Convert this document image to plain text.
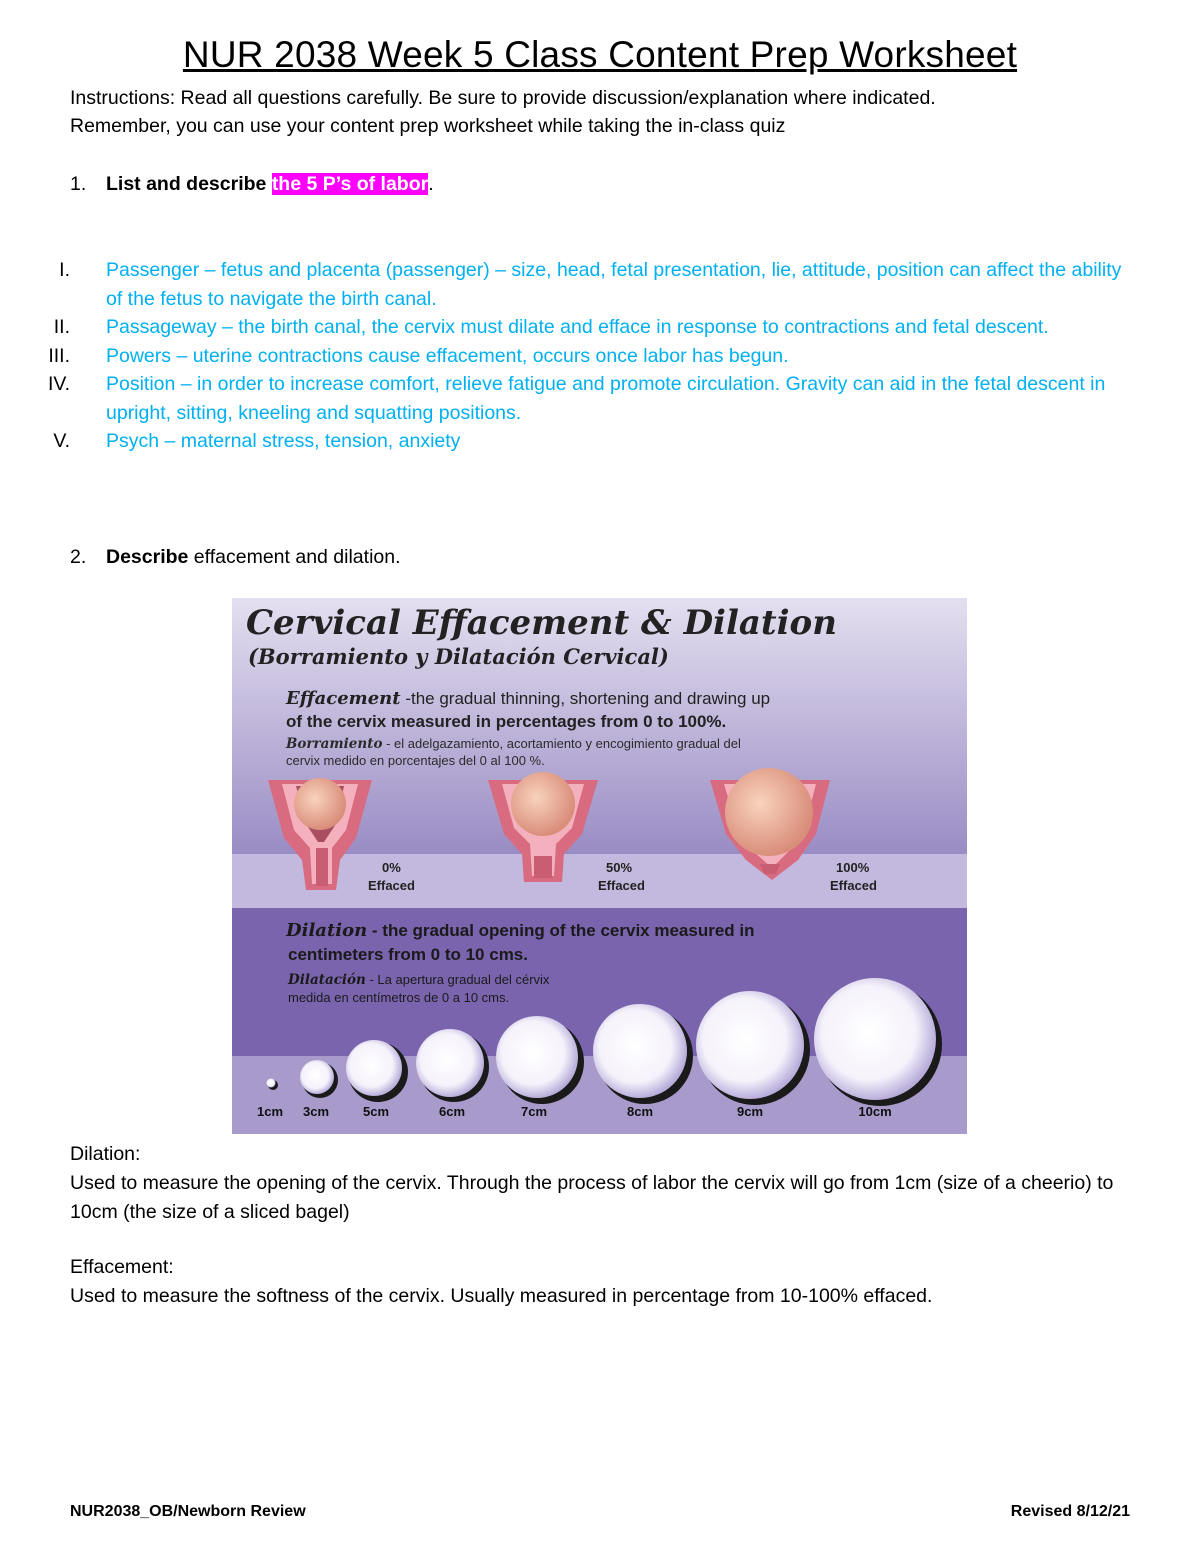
NUR 2038 Week 5 Class Content Prep Worksheet
Instructions: Read all questions carefully. Be sure to provide discussion/explanation where indicated.
Remember, you can use your content prep worksheet while taking the in-class quiz
1. List and describe the 5 P’s of labor.
I. Passenger – fetus and placenta (passenger) – size, head, fetal presentation, lie, attitude, position can affect the ability of the fetus to navigate the birth canal.
II. Passageway – the birth canal, the cervix must dilate and efface in response to contractions and fetal descent.
III. Powers – uterine contractions cause effacement, occurs once labor has begun.
IV. Position – in order to increase comfort, relieve fatigue and promote circulation. Gravity can aid in the fetal descent in upright, sitting, kneeling and squatting positions.
V. Psych – maternal stress, tension, anxiety
2. Describe effacement and dilation.
Cervical Effacement & Dilation
(Borramiento y Dilatación Cervical)
Effacement -the gradual thinning, shortening and drawing up
of the cervix measured in percentages from 0 to 100%.
Borramiento - el adelgazamiento, acortamiento y encogimiento gradual del
cervix medido en porcentajes del 0 al 100 %.
0%
Effaced
50%
Effaced
100%
Effaced
Dilation - the gradual opening of the cervix measured in
centimeters from 0 to 10 cms.
Dilatación - La apertura gradual del cérvix
medida en centímetros de 0 a 10 cms.
1cm 3cm	5cm	6cm	7cm	8cm	9cm	10cm
Dilation:
Used to measure the opening of the cervix. Through the process of labor the cervix will go from 1cm (size of a cheerio) to 10cm (the size of a sliced bagel)
Effacement:
Used to measure the softness of the cervix. Usually measured in percentage from 10-100% effaced.
NUR2038_OB/Newborn Review	Revised 8/12/21
